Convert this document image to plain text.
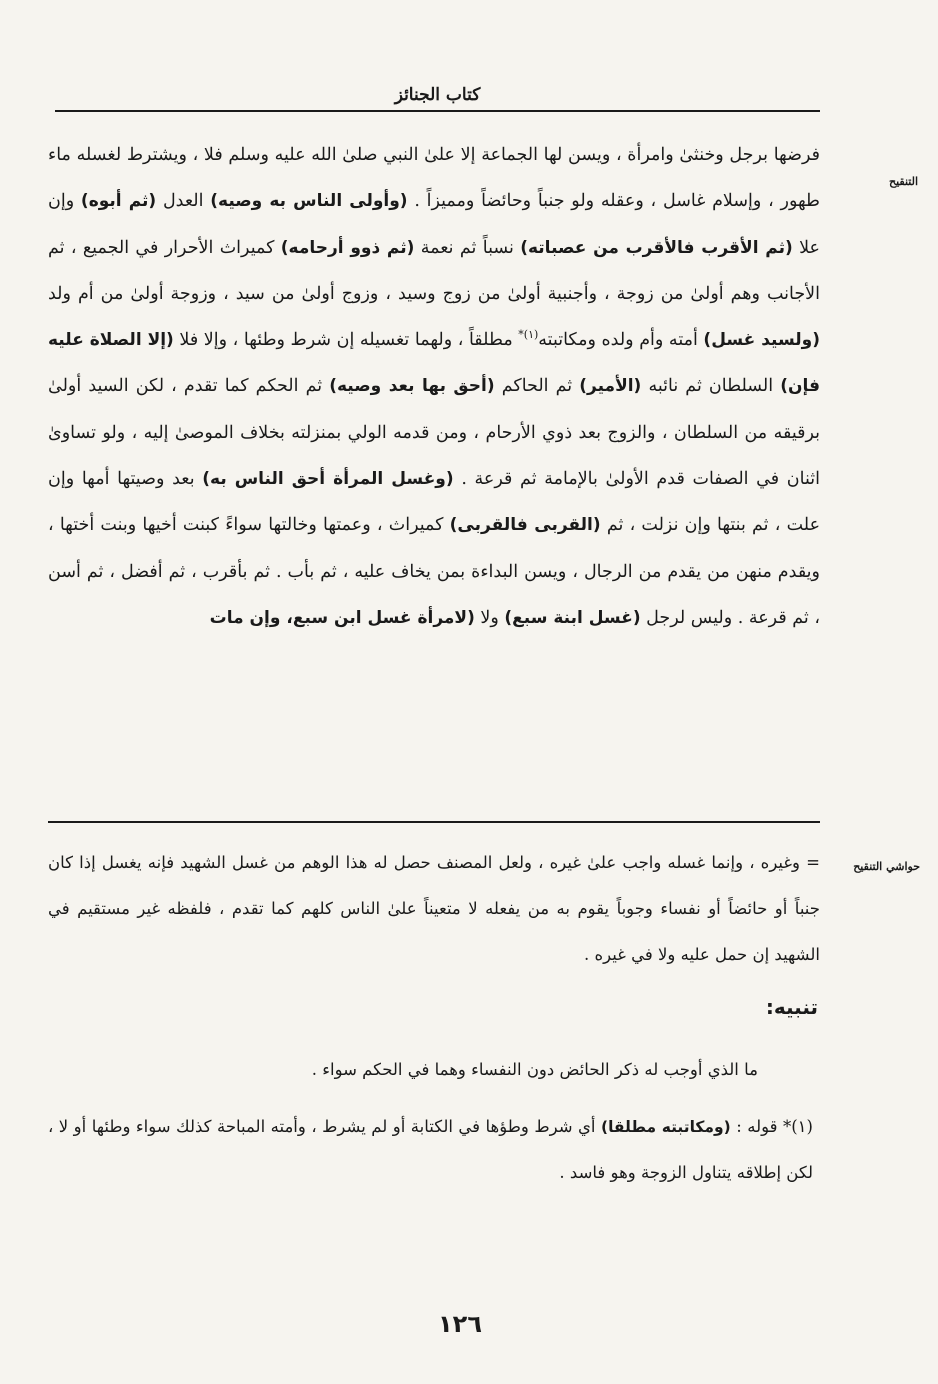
كتاب الجنائز
التنقيح
فرضها برجل وخنثىٰ وامرأة ، ويسن لها الجماعة إلا علىٰ النبي صلىٰ الله عليه وسلم فلا ، ويشترط لغسله ماء طهور ، وإسلام غاسل ، وعقله ولو جنباً وحائضاً ومميزاً . (وأولى الناس به وصيه) العدل (ثم أبوه) وإن علا (ثم الأقرب فالأقرب من عصباته) نسباً ثم نعمة (ثم ذوو أرحامه) كميراث الأحرار في الجميع ، ثم الأجانب وهم أولىٰ من زوجة ، وأجنبية أولىٰ من زوج وسيد ، وزوج أولىٰ من سيد ، وزوجة أولىٰ من أم ولد (ولسيد غسل) أمته وأم ولده ومكاتبته$^{(١)*}$ مطلقاً ، ولهما تغسيله إن شرط وطئها ، وإلا فلا (إلا الصلاة عليه فإن) السلطان ثم نائبه (الأمير) ثم الحاكم (أحق بها بعد وصيه) ثم الحكم كما تقدم ، لكن السيد أولىٰ برقيقه من السلطان ، والزوج بعد ذوي الأرحام ، ومن قدمه الولي بمنزلته بخلاف الموصىٰ إليه ، ولو تساوىٰ اثنان في الصفات قدم الأولىٰ بالإمامة ثم قرعة . (وغسل المرأة أحق الناس به) بعد وصيتها أمها وإن علت ، ثم بنتها وإن نزلت ، ثم (القربى فالقربى) كميراث ، وعمتها وخالتها سواءً كبنت أخيها وبنت أختها ، ويقدم منهن من يقدم من الرجال ، ويسن البداءة بمن يخاف عليه ، ثم بأب . ثم بأقرب ، ثم أفضل ، ثم أسن ، ثم قرعة . وليس لرجل (غسل ابنة سبع) ولا (لامرأة غسل ابن سبع، وإن مات
حواشي التنقيح
= وغيره ، وإنما غسله واجب علىٰ غيره ، ولعل المصنف حصل له هذا الوهم من غسل الشهيد فإنه يغسل إذا كان جنباً أو حائضاً أو نفساء وجوباً يقوم به من يفعله لا متعيناً علىٰ الناس كلهم كما تقدم ، فلفظه غير مستقيم في الشهيد إن حمل عليه ولا في غيره .
تنبيه:
ما الذي أوجب له ذكر الحائض دون النفساء وهما في الحكم سواء .
(١)* قوله : (ومكاتبته مطلقا) أي شرط وطؤها في الكتابة أو لم يشرط ، وأمته المباحة كذلك سواء وطئها أو لا ، لكن إطلاقه يتناول الزوجة وهو فاسد .
١٢٦
